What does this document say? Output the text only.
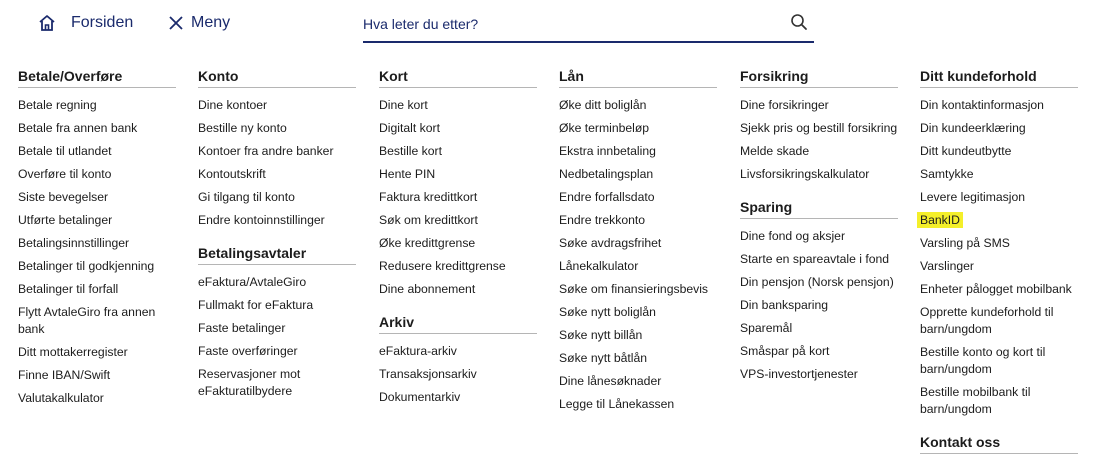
Forsiden	Meny
Hva leter du etter?
Betale/Overføre
Betale regning
Betale fra annen bank
Betale til utlandet
Overføre til konto
Siste bevegelser
Utførte betalinger
Betalingsinnstillinger
Betalinger til godkjenning
Betalinger til forfall
Flytt AvtaleGiro fra annen bank
Ditt mottakerregister
Finne IBAN/Swift
Valutakalkulator
Konto
Dine kontoer
Bestille ny konto
Kontoer fra andre banker
Kontoutskrift
Gi tilgang til konto
Endre kontoinnstillinger
Betalingsavtaler
eFaktura/AvtaleGiro
Fullmakt for eFaktura
Faste betalinger
Faste overføringer
Reservasjoner mot eFakturatilbydere
Kort
Dine kort
Digitalt kort
Bestille kort
Hente PIN
Faktura kredittkort
Søk om kredittkort
Øke kredittgrense
Redusere kredittgrense
Dine abonnement
Arkiv
eFaktura-arkiv
Transaksjonsarkiv
Dokumentarkiv
Lån
Øke ditt boliglån
Øke terminbeløp
Ekstra innbetaling
Nedbetalingsplan
Endre forfallsdato
Endre trekkonto
Søke avdragsfrihet
Lånekalkulator
Søke om finansieringsbevis
Søke nytt boliglån
Søke nytt billån
Søke nytt båtlån
Dine lånesøknader
Legge til Lånekassen
Forsikring
Dine forsikringer
Sjekk pris og bestill forsikring
Melde skade
Livsforsikringskalkulator
Sparing
Dine fond og aksjer
Starte en spareavtale i fond
Din pensjon (Norsk pensjon)
Din banksparing
Sparemål
Småspar på kort
VPS-investortjenester
Ditt kundeforhold
Din kontaktinformasjon
Din kundeerklæring
Ditt kundeutbytte
Samtykke
Levere legitimasjon
BankID
Varsling på SMS
Varslinger
Enheter pålogget mobilbank
Opprette kundeforhold til barn/ungdom
Bestille konto og kort til barn/ungdom
Bestille mobilbank til barn/ungdom
Kontakt oss
